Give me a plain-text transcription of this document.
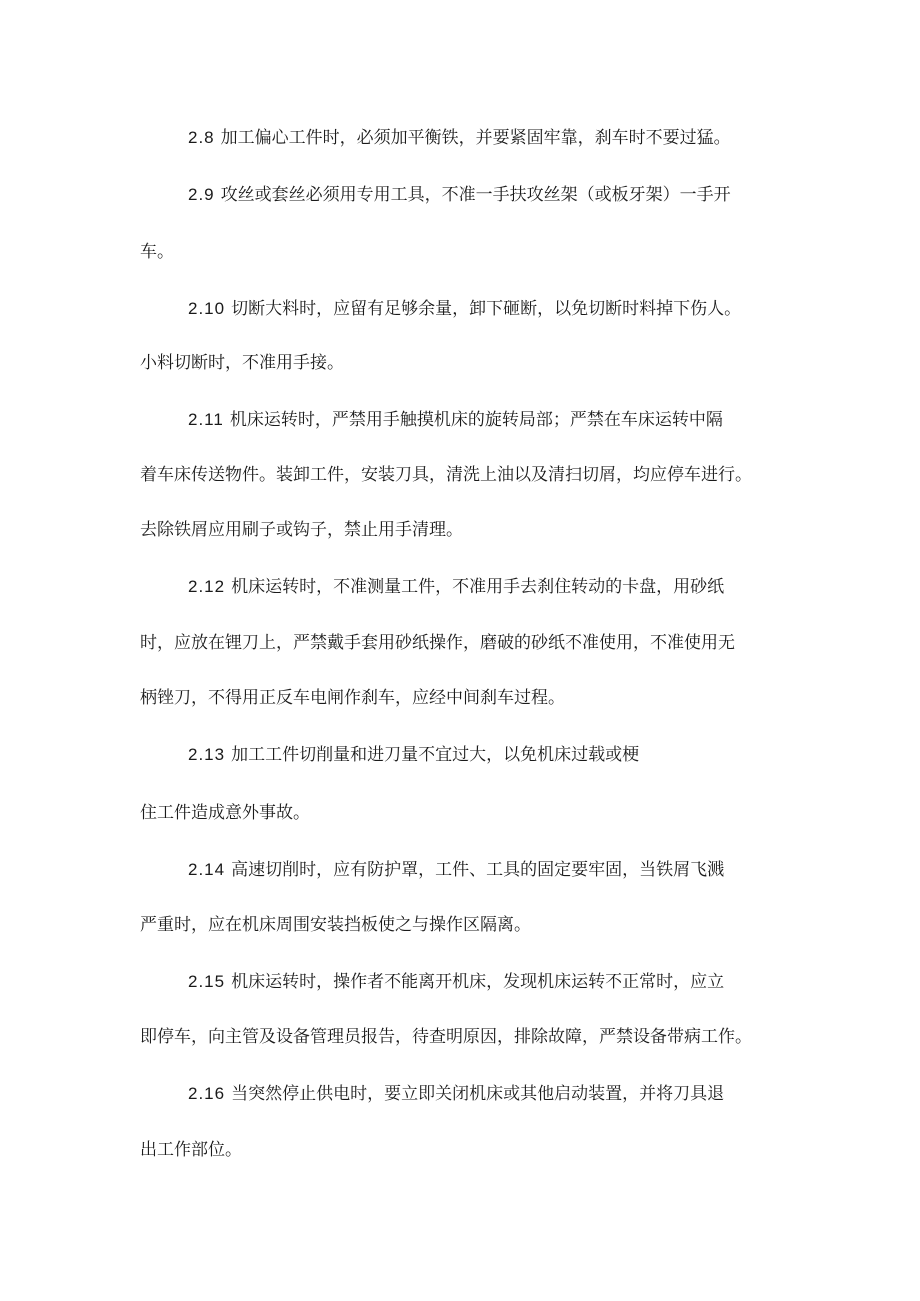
2.8 加工偏心工件时，必须加平衡铁，并要紧固牢靠，刹车时不要过猛。
2.9 攻丝或套丝必须用专用工具，不准一手扶攻丝架（或板牙架）一手开
车。
2.10 切断大料时，应留有足够余量，卸下砸断，以免切断时料掉下伤人。
小料切断时，不准用手接。
2.11 机床运转时，严禁用手触摸机床的旋转局部；严禁在车床运转中隔
着车床传送物件。装卸工件，安装刀具，清洗上油以及清扫切屑，均应停车进行。
去除铁屑应用刷子或钩子，禁止用手清理。
2.12 机床运转时，不准测量工件，不准用手去刹住转动的卡盘，用砂纸
时，应放在锂刀上，严禁戴手套用砂纸操作，磨破的砂纸不准使用，不准使用无
柄锉刀，不得用正反车电闸作刹车，应经中间刹车过程。
2.13 加工工件切削量和进刀量不宜过大，以免机床过载或梗
住工件造成意外事故。
2.14 高速切削时，应有防护罩，工件、工具的固定要牢固，当铁屑飞溅
严重时，应在机床周围安装挡板使之与操作区隔离。
2.15 机床运转时，操作者不能离开机床，发现机床运转不正常时，应立
即停车，向主管及设备管理员报告，待查明原因，排除故障，严禁设备带病工作。
2.16 当突然停止供电时，要立即关闭机床或其他启动装置，并将刀具退
出工作部位。
